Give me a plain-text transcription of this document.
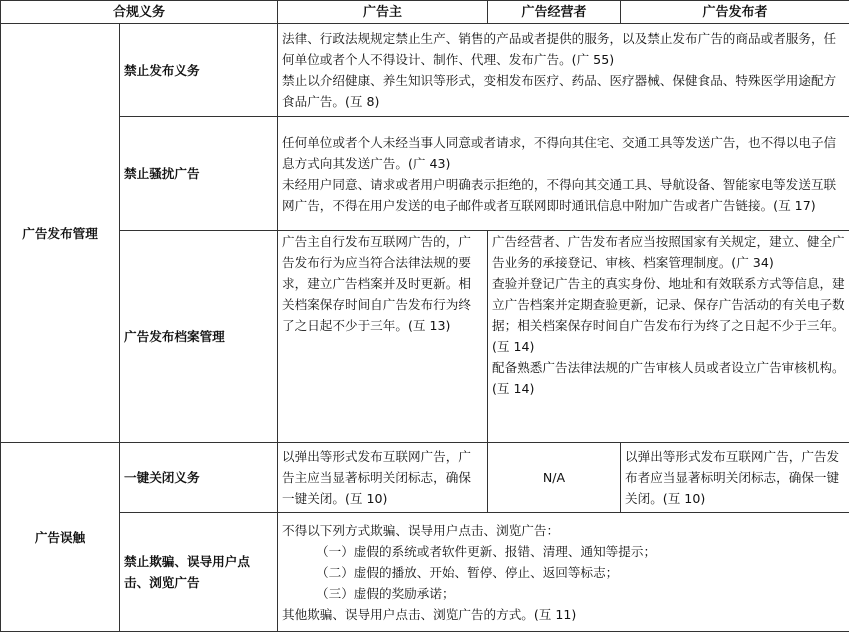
合规义务		广告主	广告经营者	广告发布者
广告发布管理	禁止发布义务	法律、行政法规规定禁止生产、销售的产品或者提供的服务，以及禁止发布广告的商品或者服务，任何单位或者个人不得设计、制作、代理、发布广告。(广 55)
禁止以介绍健康、养生知识等形式，变相发布医疗、药品、医疗器械、保健食品、特殊医学用途配方食品广告。(互 8)		

	禁止骚扰广告	任何单位或者个人未经当事人同意或者请求，不得向其住宅、交通工具等发送广告，也不得以电子信息方式向其发送广告。(广 43)
未经用户同意、请求或者用户明确表示拒绝的，不得向其交通工具、导航设备、智能家电等发送互联网广告，不得在用户发送的电子邮件或者互联网即时通讯信息中附加广告或者广告链接。(互 17)		

	广告发布档案管理	广告主自行发布互联网广告的，广告发布行为应当符合法律法规的要求，建立广告档案并及时更新。相关档案保存时间自广告发布行为终了之日起不少于三年。(互 13)	广告经营者、广告发布者应当按照国家有关规定，建立、健全广告业务的承接登记、审核、档案管理制度。(广 34)
查验并登记广告主的真实身份、地址和有效联系方式等信息，建立广告档案并定期查验更新，记录、保存广告活动的有关电子数据；相关档案保存时间自广告发布行为终了之日起不少于三年。(互 14)
配备熟悉广告法律法规的广告审核人员或者设立广告审核机构。(互 14)	

广告误触	一键关闭义务	以弹出等形式发布互联网广告，广告主应当显著标明关闭标志，确保一键关闭。(互 10)	N/A	以弹出等形式发布互联网广告，广告发布者应当显著标明关闭标志，确保一键关闭。(互 10)
	禁止欺骗、误导用户点击、浏览广告	不得以下列方式欺骗、误导用户点击、浏览广告：
（一）虚假的系统或者软件更新、报错、清理、通知等提示；
（二）虚假的播放、开始、暂停、停止、返回等标志；
（三）虚假的奖励承诺；
其他欺骗、误导用户点击、浏览广告的方式。(互 11)		
